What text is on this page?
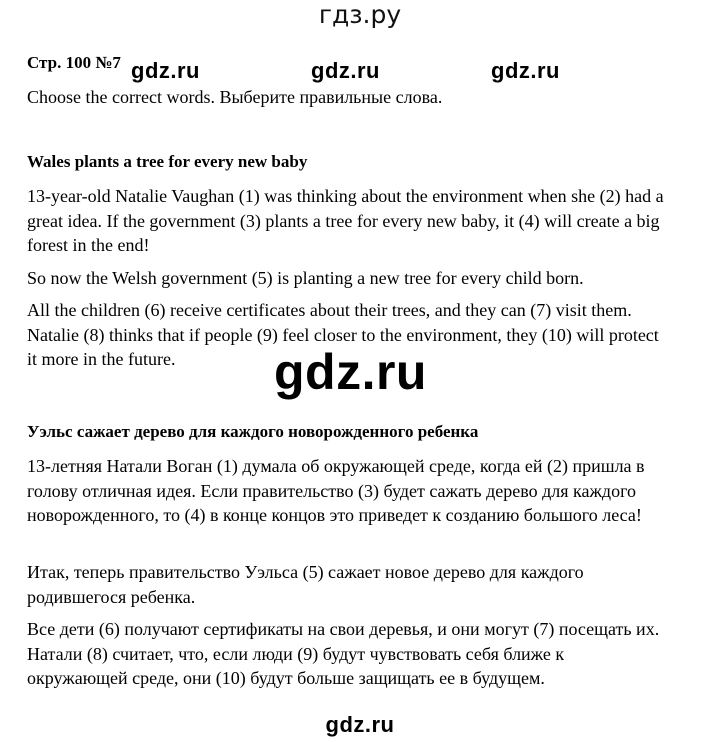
гдз.ру
Стр. 100 №7
Choose the correct words. Выберите правильные слова.
gdz.ru	gdz.ru	gdz.ru
Wales plants a tree for every new baby
13-year-old Natalie Vaughan (1) was thinking about the environment when she (2) had a great idea. If the government (3) plants a tree for every new baby, it (4) will create a big forest in the end!
So now the Welsh government (5) is planting a new tree for every child born.
All the children (6) receive certificates about their trees, and they can (7) visit them. Natalie (8) thinks that if people (9) feel closer to the environment, they (10) will protect it more in the future.	gdz.ru
Уэльс сажает дерево для каждого новорожденного ребенка
13-летняя Натали Воган (1) думала об окружающей среде, когда ей (2) пришла в голову отличная идея. Если правительство (3) будет сажать дерево для каждого новорожденного, то (4) в конце концов это приведет к созданию большого леса!
Итак, теперь правительство Уэльса (5) сажает новое дерево для каждого родившегося ребенка.
Все дети (6) получают сертификаты на свои деревья, и они могут (7) посещать их. Натали (8) считает, что, если люди (9) будут чувствовать себя ближе к окружающей среде, они (10) будут больше защищать ее в будущем.
gdz.ru
